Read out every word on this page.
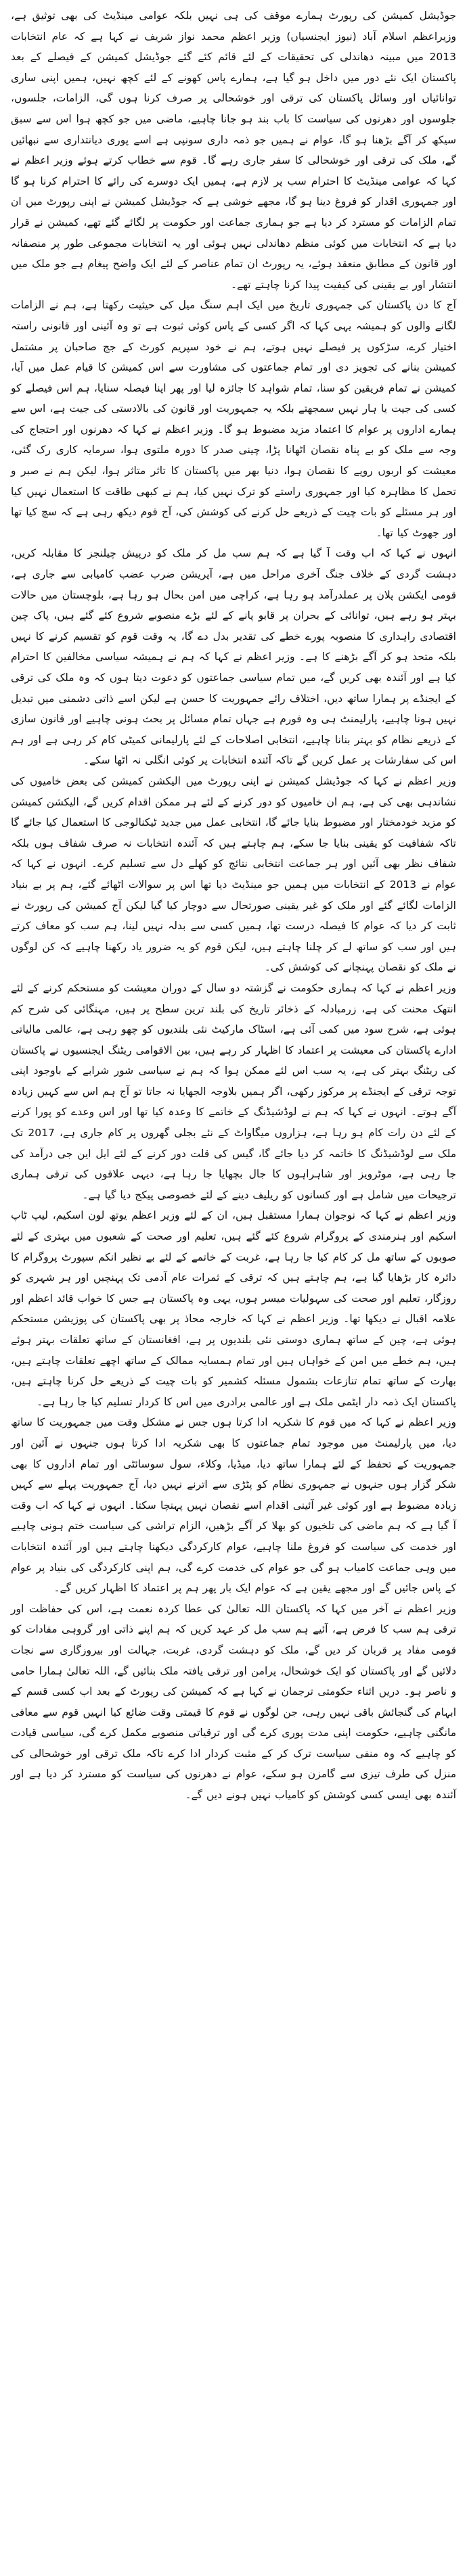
جوڈیشل کمیشن کی رپورٹ ہمارے موقف کی ہی نہیں بلکہ عوامی مینڈیٹ کی بھی توثیق ہے، وزیراعظم اسلام آباد (نیوز ایجنسیاں) وزیر اعظم محمد نواز شریف نے کہا ہے کہ عام انتخابات 2013 میں مبینہ دھاندلی کی تحقیقات کے لئے قائم کئے گئے جوڈیشل کمیشن کے فیصلے کے بعد پاکستان ایک نئے دور میں داخل ہو گیا ہے، ہمارے پاس کھونے کے لئے کچھ نہیں، ہمیں اپنی ساری توانائیاں اور وسائل پاکستان کی ترقی اور خوشحالی پر صرف کرنا ہوں گی، الزامات، جلسوں، جلوسوں اور دھرنوں کی سیاست کا باب بند ہو جانا چاہیے، ماضی میں جو کچھ ہوا اس سے سبق سیکھ کر آگے بڑھنا ہو گا، عوام نے ہمیں جو ذمہ داری سونپی ہے اسے پوری دیانتداری سے نبھائیں گے، ملک کی ترقی اور خوشحالی کا سفر جاری رہے گا۔ قوم سے خطاب کرتے ہوئے وزیر اعظم نے کہا کہ عوامی مینڈیٹ کا احترام سب پر لازم ہے، ہمیں ایک دوسرے کی رائے کا احترام کرنا ہو گا اور جمہوری اقدار کو فروغ دینا ہو گا، مجھے خوشی ہے کہ جوڈیشل کمیشن نے اپنی رپورٹ میں ان تمام الزامات کو مسترد کر دیا ہے جو ہماری جماعت اور حکومت پر لگائے گئے تھے، کمیشن نے قرار دیا ہے کہ انتخابات میں کوئی منظم دھاندلی نہیں ہوئی اور یہ انتخابات مجموعی طور پر منصفانہ اور قانون کے مطابق منعقد ہوئے، یہ رپورٹ ان تمام عناصر کے لئے ایک واضح پیغام ہے جو ملک میں انتشار اور بے یقینی کی کیفیت پیدا کرنا چاہتے تھے۔

آج کا دن پاکستان کی جمہوری تاریخ میں ایک اہم سنگ میل کی حیثیت رکھتا ہے، ہم نے الزامات لگانے والوں کو ہمیشہ یہی کہا کہ اگر کسی کے پاس کوئی ثبوت ہے تو وہ آئینی اور قانونی راستہ اختیار کرے، سڑکوں پر فیصلے نہیں ہوتے، ہم نے خود سپریم کورٹ کے جج صاحبان پر مشتمل کمیشن بنانے کی تجویز دی اور تمام جماعتوں کی مشاورت سے اس کمیشن کا قیام عمل میں آیا، کمیشن نے تمام فریقین کو سنا، تمام شواہد کا جائزہ لیا اور پھر اپنا فیصلہ سنایا، ہم اس فیصلے کو کسی کی جیت یا ہار نہیں سمجھتے بلکہ یہ جمہوریت اور قانون کی بالادستی کی جیت ہے، اس سے ہمارے اداروں پر عوام کا اعتماد مزید مضبوط ہو گا۔ وزیر اعظم نے کہا کہ دھرنوں اور احتجاج کی وجہ سے ملک کو بے پناہ نقصان اٹھانا پڑا، چینی صدر کا دورہ ملتوی ہوا، سرمایہ کاری رک گئی، معیشت کو اربوں روپے کا نقصان ہوا، دنیا بھر میں پاکستان کا تاثر متاثر ہوا، لیکن ہم نے صبر و تحمل کا مظاہرہ کیا اور جمہوری راستے کو ترک نہیں کیا، ہم نے کبھی طاقت کا استعمال نہیں کیا اور ہر مسئلے کو بات چیت کے ذریعے حل کرنے کی کوشش کی، آج قوم دیکھ رہی ہے کہ سچ کیا تھا اور جھوٹ کیا تھا۔

انہوں نے کہا کہ اب وقت آ گیا ہے کہ ہم سب مل کر ملک کو درپیش چیلنجز کا مقابلہ کریں، دہشت گردی کے خلاف جنگ آخری مراحل میں ہے، آپریشن ضرب عضب کامیابی سے جاری ہے، قومی ایکشن پلان پر عملدرآمد ہو رہا ہے، کراچی میں امن بحال ہو رہا ہے، بلوچستان میں حالات بہتر ہو رہے ہیں، توانائی کے بحران پر قابو پانے کے لئے بڑے منصوبے شروع کئے گئے ہیں، پاک چین اقتصادی راہداری کا منصوبہ پورے خطے کی تقدیر بدل دے گا، یہ وقت قوم کو تقسیم کرنے کا نہیں بلکہ متحد ہو کر آگے بڑھنے کا ہے۔ وزیر اعظم نے کہا کہ ہم نے ہمیشہ سیاسی مخالفین کا احترام کیا ہے اور آئندہ بھی کریں گے، میں تمام سیاسی جماعتوں کو دعوت دیتا ہوں کہ وہ ملک کی ترقی کے ایجنڈے پر ہمارا ساتھ دیں، اختلاف رائے جمہوریت کا حسن ہے لیکن اسے ذاتی دشمنی میں تبدیل نہیں ہونا چاہیے، پارلیمنٹ ہی وہ فورم ہے جہاں تمام مسائل پر بحث ہونی چاہیے اور قانون سازی کے ذریعے نظام کو بہتر بنانا چاہیے، انتخابی اصلاحات کے لئے پارلیمانی کمیٹی کام کر رہی ہے اور ہم اس کی سفارشات پر عمل کریں گے تاکہ آئندہ انتخابات پر کوئی انگلی نہ اٹھا سکے۔

وزیر اعظم نے کہا کہ جوڈیشل کمیشن نے اپنی رپورٹ میں الیکشن کمیشن کی بعض خامیوں کی نشاندہی بھی کی ہے، ہم ان خامیوں کو دور کرنے کے لئے ہر ممکن اقدام کریں گے، الیکشن کمیشن کو مزید خودمختار اور مضبوط بنایا جائے گا، انتخابی عمل میں جدید ٹیکنالوجی کا استعمال کیا جائے گا تاکہ شفافیت کو یقینی بنایا جا سکے، ہم چاہتے ہیں کہ آئندہ انتخابات نہ صرف شفاف ہوں بلکہ شفاف نظر بھی آئیں اور ہر جماعت انتخابی نتائج کو کھلے دل سے تسلیم کرے۔ انہوں نے کہا کہ عوام نے 2013 کے انتخابات میں ہمیں جو مینڈیٹ دیا تھا اس پر سوالات اٹھائے گئے، ہم پر بے بنیاد الزامات لگائے گئے اور ملک کو غیر یقینی صورتحال سے دوچار کیا گیا لیکن آج کمیشن کی رپورٹ نے ثابت کر دیا کہ عوام کا فیصلہ درست تھا، ہمیں کسی سے بدلہ نہیں لینا، ہم سب کو معاف کرتے ہیں اور سب کو ساتھ لے کر چلنا چاہتے ہیں، لیکن قوم کو یہ ضرور یاد رکھنا چاہیے کہ کن لوگوں نے ملک کو نقصان پہنچانے کی کوشش کی۔

وزیر اعظم نے کہا کہ ہماری حکومت نے گزشتہ دو سال کے دوران معیشت کو مستحکم کرنے کے لئے انتھک محنت کی ہے، زرمبادلہ کے ذخائر تاریخ کی بلند ترین سطح پر ہیں، مہنگائی کی شرح کم ہوئی ہے، شرح سود میں کمی آئی ہے، اسٹاک مارکیٹ نئی بلندیوں کو چھو رہی ہے، عالمی مالیاتی ادارے پاکستان کی معیشت پر اعتماد کا اظہار کر رہے ہیں، بین الاقوامی ریٹنگ ایجنسیوں نے پاکستان کی ریٹنگ بہتر کی ہے، یہ سب اس لئے ممکن ہوا کہ ہم نے سیاسی شور شرابے کے باوجود اپنی توجہ ترقی کے ایجنڈے پر مرکوز رکھی، اگر ہمیں بلاوجہ الجھایا نہ جاتا تو آج ہم اس سے کہیں زیادہ آگے ہوتے۔ انہوں نے کہا کہ ہم نے لوڈشیڈنگ کے خاتمے کا وعدہ کیا تھا اور اس وعدے کو پورا کرنے کے لئے دن رات کام ہو رہا ہے، ہزاروں میگاواٹ کے نئے بجلی گھروں پر کام جاری ہے، 2017 تک ملک سے لوڈشیڈنگ کا خاتمہ کر دیا جائے گا، گیس کی قلت دور کرنے کے لئے ایل این جی درآمد کی جا رہی ہے، موٹرویز اور شاہراہوں کا جال بچھایا جا رہا ہے، دیہی علاقوں کی ترقی ہماری ترجیحات میں شامل ہے اور کسانوں کو ریلیف دینے کے لئے خصوصی پیکج دیا گیا ہے۔

وزیر اعظم نے کہا کہ نوجوان ہمارا مستقبل ہیں، ان کے لئے وزیر اعظم یوتھ لون اسکیم، لیپ ٹاپ اسکیم اور ہنرمندی کے پروگرام شروع کئے گئے ہیں، تعلیم اور صحت کے شعبوں میں بہتری کے لئے صوبوں کے ساتھ مل کر کام کیا جا رہا ہے، غربت کے خاتمے کے لئے بے نظیر انکم سپورٹ پروگرام کا دائرہ کار بڑھایا گیا ہے، ہم چاہتے ہیں کہ ترقی کے ثمرات عام آدمی تک پہنچیں اور ہر شہری کو روزگار، تعلیم اور صحت کی سہولیات میسر ہوں، یہی وہ پاکستان ہے جس کا خواب قائد اعظم اور علامہ اقبال نے دیکھا تھا۔ وزیر اعظم نے کہا کہ خارجہ محاذ پر بھی پاکستان کی پوزیشن مستحکم ہوئی ہے، چین کے ساتھ ہماری دوستی نئی بلندیوں پر ہے، افغانستان کے ساتھ تعلقات بہتر ہوئے ہیں، ہم خطے میں امن کے خواہاں ہیں اور تمام ہمسایہ ممالک کے ساتھ اچھے تعلقات چاہتے ہیں، بھارت کے ساتھ تمام تنازعات بشمول مسئلہ کشمیر کو بات چیت کے ذریعے حل کرنا چاہتے ہیں، پاکستان ایک ذمہ دار ایٹمی ملک ہے اور عالمی برادری میں اس کا کردار تسلیم کیا جا رہا ہے۔

وزیر اعظم نے کہا کہ میں قوم کا شکریہ ادا کرتا ہوں جس نے مشکل وقت میں جمہوریت کا ساتھ دیا، میں پارلیمنٹ میں موجود تمام جماعتوں کا بھی شکریہ ادا کرتا ہوں جنہوں نے آئین اور جمہوریت کے تحفظ کے لئے ہمارا ساتھ دیا، میڈیا، وکلاء، سول سوسائٹی اور تمام اداروں کا بھی شکر گزار ہوں جنہوں نے جمہوری نظام کو پٹڑی سے اترنے نہیں دیا، آج جمہوریت پہلے سے کہیں زیادہ مضبوط ہے اور کوئی غیر آئینی اقدام اسے نقصان نہیں پہنچا سکتا۔ انہوں نے کہا کہ اب وقت آ گیا ہے کہ ہم ماضی کی تلخیوں کو بھلا کر آگے بڑھیں، الزام تراشی کی سیاست ختم ہونی چاہیے اور خدمت کی سیاست کو فروغ ملنا چاہیے، عوام کارکردگی دیکھنا چاہتے ہیں اور آئندہ انتخابات میں وہی جماعت کامیاب ہو گی جو عوام کی خدمت کرے گی، ہم اپنی کارکردگی کی بنیاد پر عوام کے پاس جائیں گے اور مجھے یقین ہے کہ عوام ایک بار پھر ہم پر اعتماد کا اظہار کریں گے۔

وزیر اعظم نے آخر میں کہا کہ پاکستان اللہ تعالیٰ کی عطا کردہ نعمت ہے، اس کی حفاظت اور ترقی ہم سب کا فرض ہے، آئیے ہم سب مل کر عہد کریں کہ ہم اپنے ذاتی اور گروہی مفادات کو قومی مفاد پر قربان کر دیں گے، ملک کو دہشت گردی، غربت، جہالت اور بیروزگاری سے نجات دلائیں گے اور پاکستان کو ایک خوشحال، پرامن اور ترقی یافتہ ملک بنائیں گے، اللہ تعالیٰ ہمارا حامی و ناصر ہو۔ دریں اثناء حکومتی ترجمان نے کہا ہے کہ کمیشن کی رپورٹ کے بعد اب کسی قسم کے ابہام کی گنجائش باقی نہیں رہی، جن لوگوں نے قوم کا قیمتی وقت ضائع کیا انہیں قوم سے معافی مانگنی چاہیے، حکومت اپنی مدت پوری کرے گی اور ترقیاتی منصوبے مکمل کرے گی، سیاسی قیادت کو چاہیے کہ وہ منفی سیاست ترک کر کے مثبت کردار ادا کرے تاکہ ملک ترقی اور خوشحالی کی منزل کی طرف تیزی سے گامزن ہو سکے، عوام نے دھرنوں کی سیاست کو مسترد کر دیا ہے اور آئندہ بھی ایسی کسی کوشش کو کامیاب نہیں ہونے دیں گے۔
